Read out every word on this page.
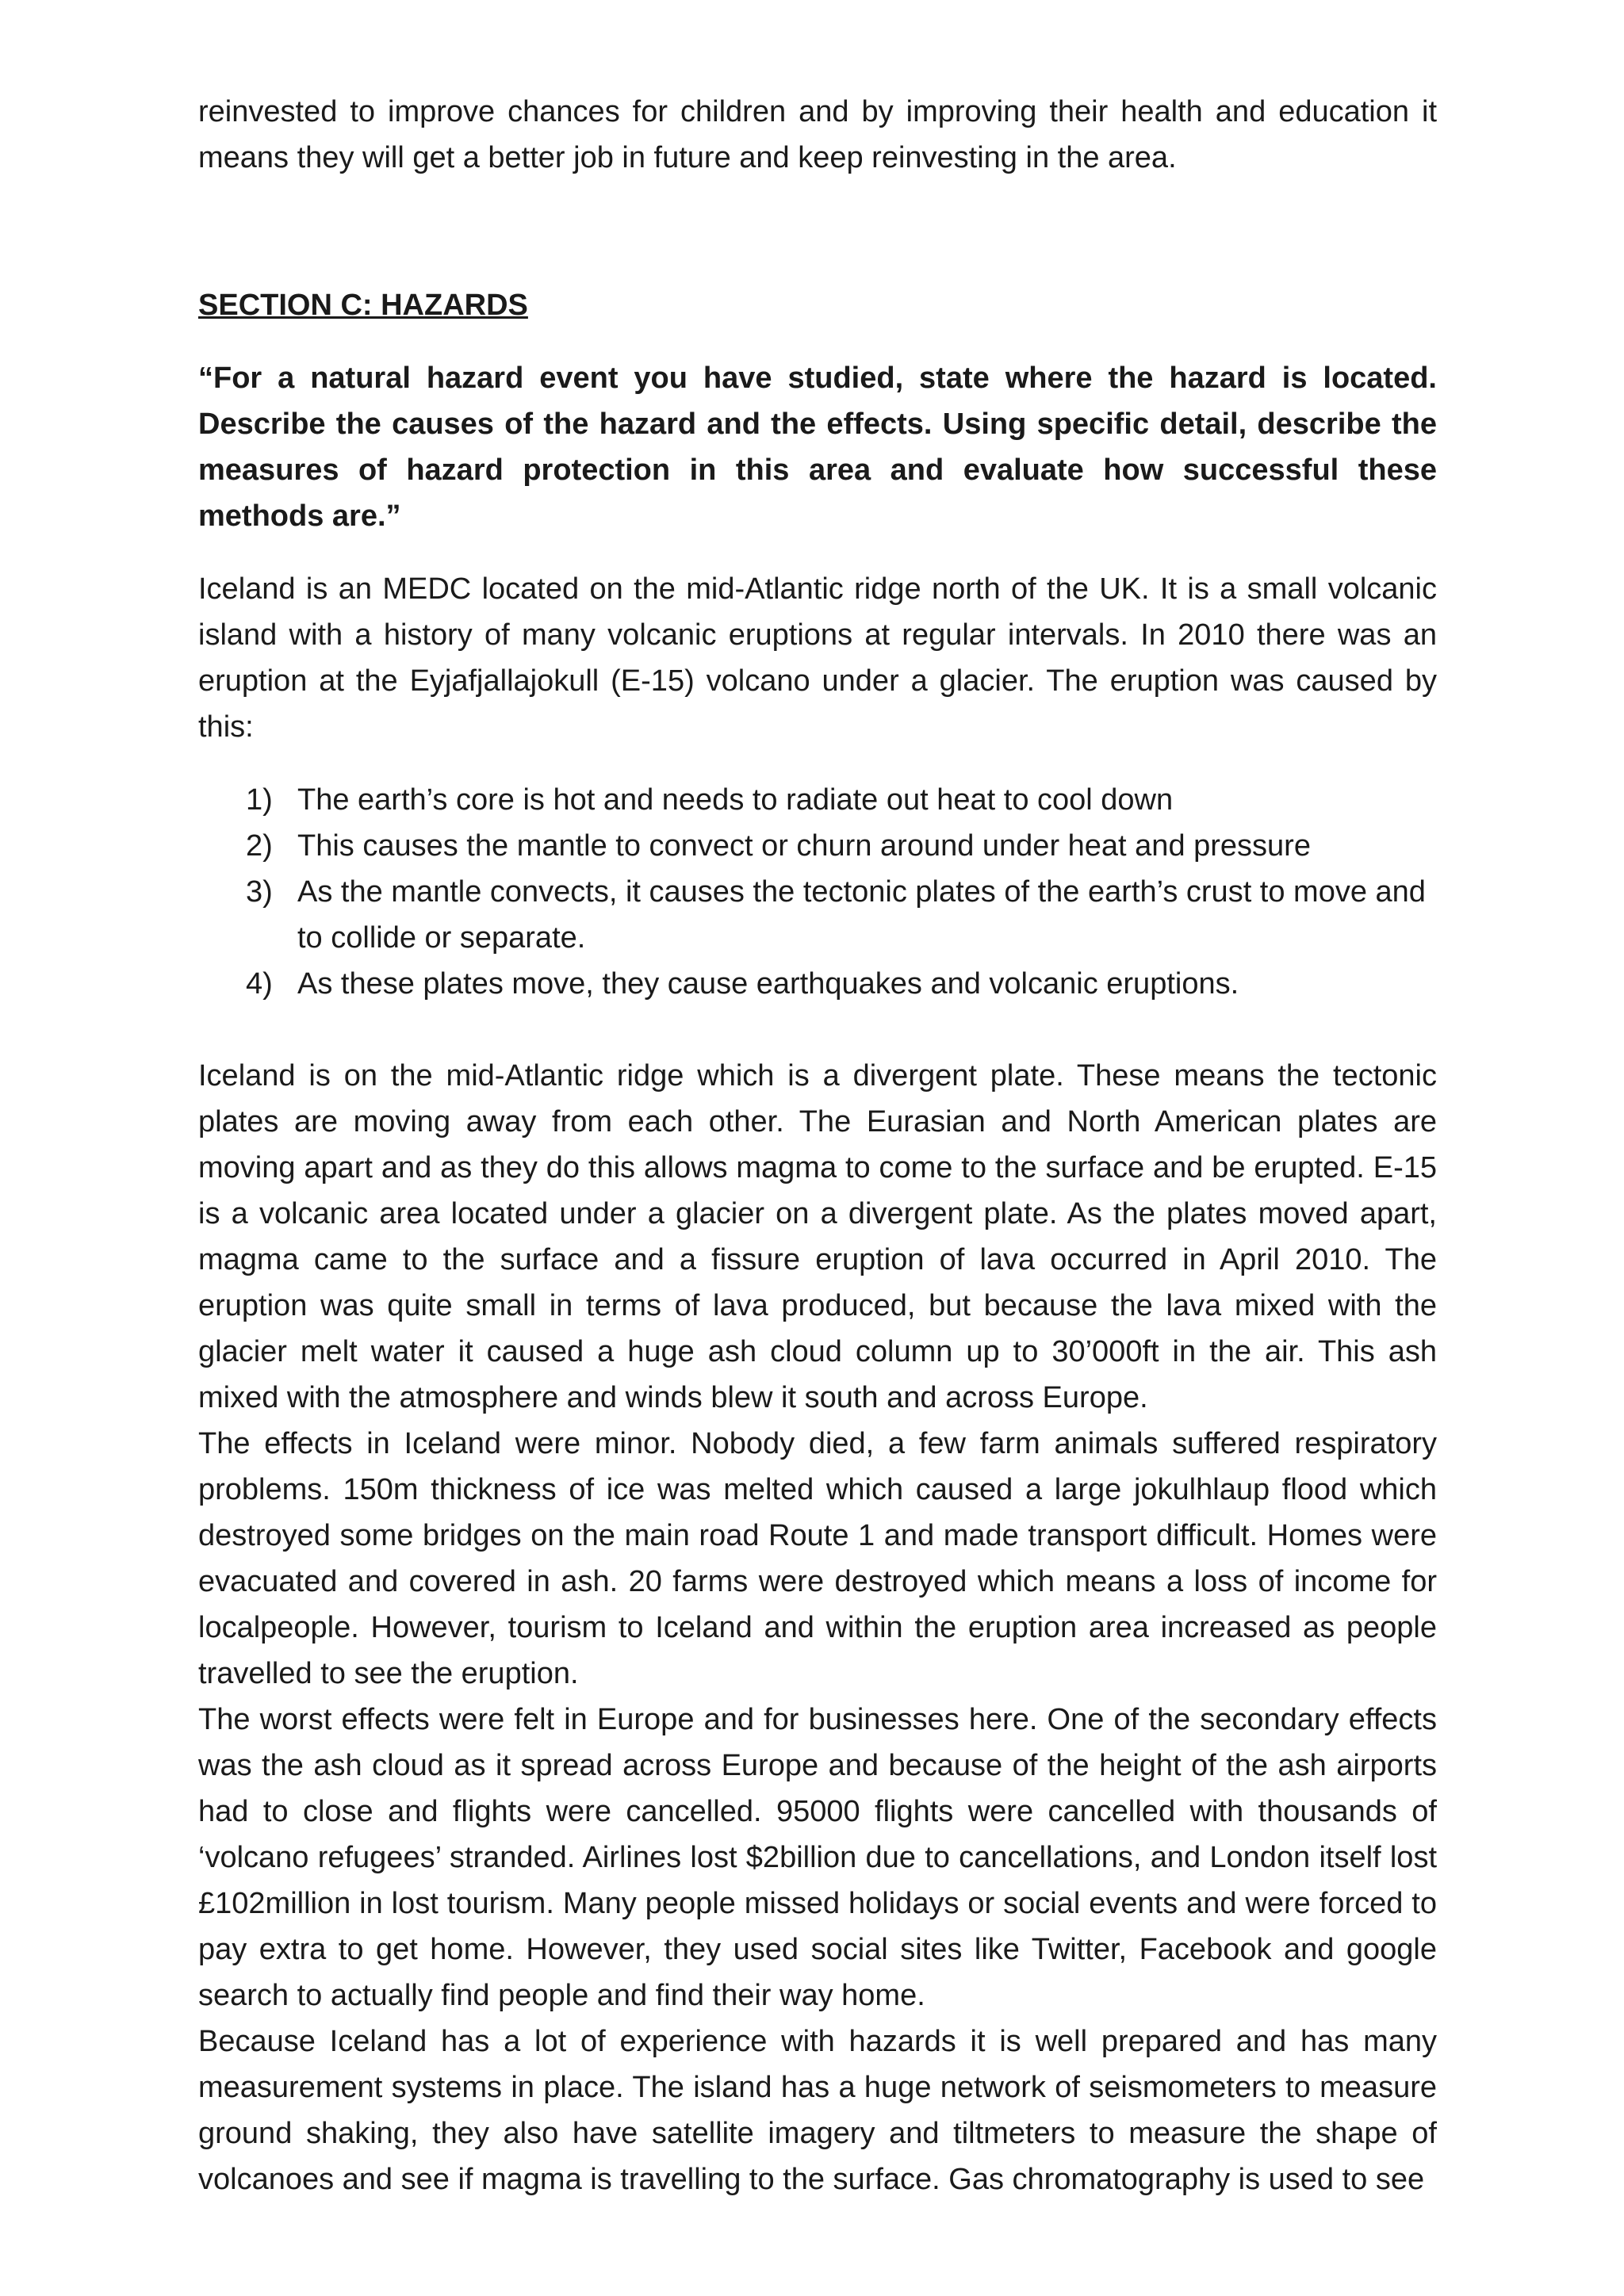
reinvested to improve chances for children and by improving their health and education it means they will get a better job in future and keep reinvesting in the area.

SECTION C: HAZARDS

“For a natural hazard event you have studied, state where the hazard is located. Describe the causes of the hazard and the effects. Using specific detail, describe the measures of hazard protection in this area and evaluate how successful these methods are.”

Iceland is an MEDC located on the mid-Atlantic ridge north of the UK. It is a small volcanic island with a history of many volcanic eruptions at regular intervals. In 2010 there was an eruption at the Eyjafjallajokull (E-15) volcano under a glacier. The eruption was caused by this:

1) The earth’s core is hot and needs to radiate out heat to cool down
2) This causes the mantle to convect or churn around under heat and pressure
3) As the mantle convects, it causes the tectonic plates of the earth’s crust to move and to collide or separate.
4) As these plates move, they cause earthquakes and volcanic eruptions.

Iceland is on the mid-Atlantic ridge which is a divergent plate. These means the tectonic plates are moving away from each other. The Eurasian and North American plates are moving apart and as they do this allows magma to come to the surface and be erupted. E-15 is a volcanic area located under a glacier on a divergent plate. As the plates moved apart, magma came to the surface and a fissure eruption of lava occurred in April 2010. The eruption was quite small in terms of lava produced, but because the lava mixed with the glacier melt water it caused a huge ash cloud column up to 30’000ft in the air. This ash mixed with the atmosphere and winds blew it south and across Europe.

The effects in Iceland were minor. Nobody died, a few farm animals suffered respiratory problems. 150m thickness of ice was melted which caused a large jokulhlaup flood which destroyed some bridges on the main road Route 1 and made transport difficult. Homes were evacuated and covered in ash. 20 farms were destroyed which means a loss of income for localpeople. However, tourism to Iceland and within the eruption area increased as people travelled to see the eruption.

The worst effects were felt in Europe and for businesses here. One of the secondary effects was the ash cloud as it spread across Europe and because of the height of the ash airports had to close and flights were cancelled. 95000 flights were cancelled with thousands of ‘volcano refugees’ stranded. Airlines lost $2billion due to cancellations, and London itself lost £102million in lost tourism. Many people missed holidays or social events and were forced to pay extra to get home. However, they used social sites like Twitter, Facebook and google search to actually find people and find their way home.

Because Iceland has a lot of experience with hazards it is well prepared and has many measurement systems in place. The island has a huge network of seismometers to measure ground shaking, they also have satellite imagery and tiltmeters to measure the shape of volcanoes and see if magma is travelling to the surface. Gas chromatography is used to see
